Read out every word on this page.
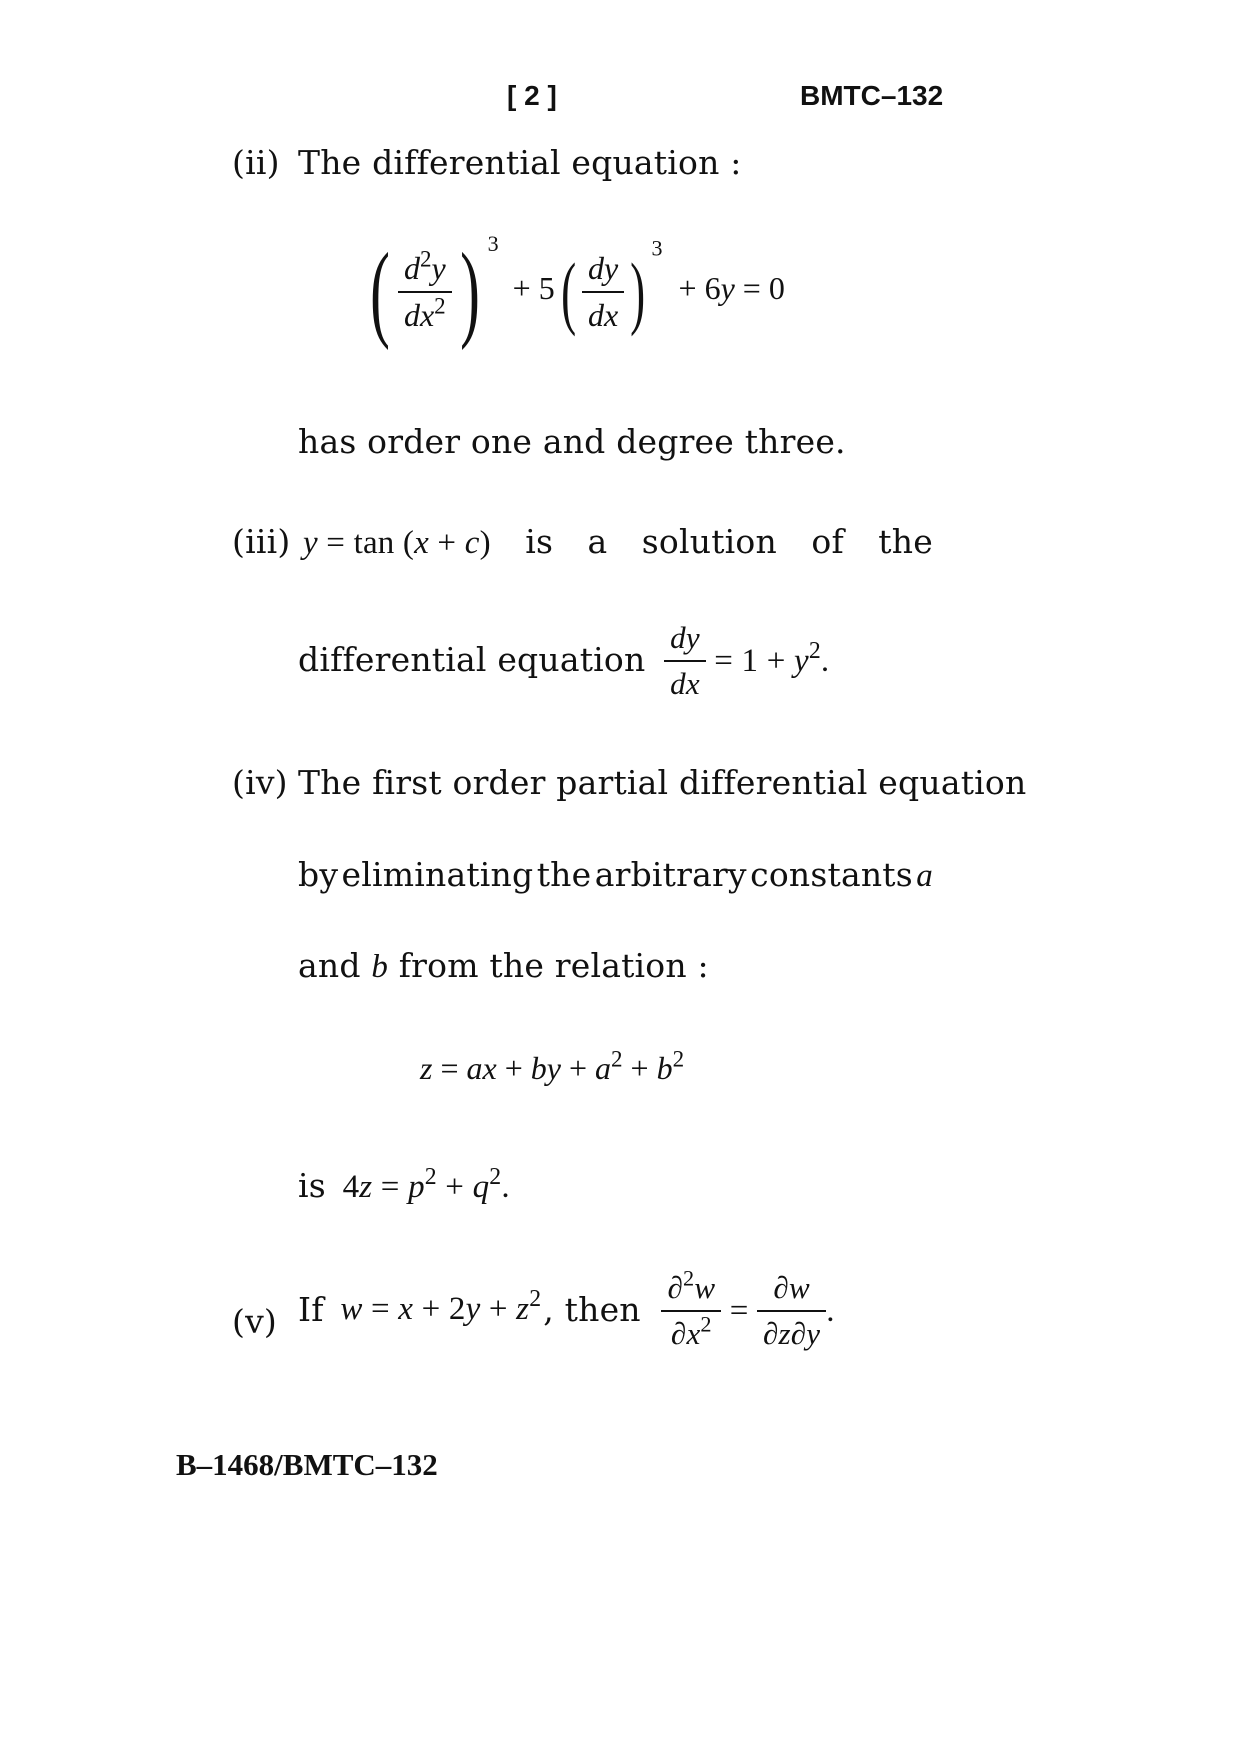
[ 2 ]	BMTC–132
(ii) The differential equation :
( $\frac{d^2y}{dx^2}$ ) $^3 + 5( \frac{dy}{dx}$ ) $^3$ + 6y = 0
has order one and degree three.
(iii) y = tan (x + c) is a solution of the
differential equation $\frac{dy}{dx} = 1 + y^2$.
(iv) The first order partial differential equation
by eliminating the arbitrary constants a
and b from the relation :
z = ax + by + $a^2 + b^2$
is $4z = p^2 + q^2$.
(v) If $w = x + 2y + z^2$, then $\frac{\partial^2w}{\partial x^2} = \frac{\partial w}{\partial z\partial y}$ .
B–1468/BMTC–132
